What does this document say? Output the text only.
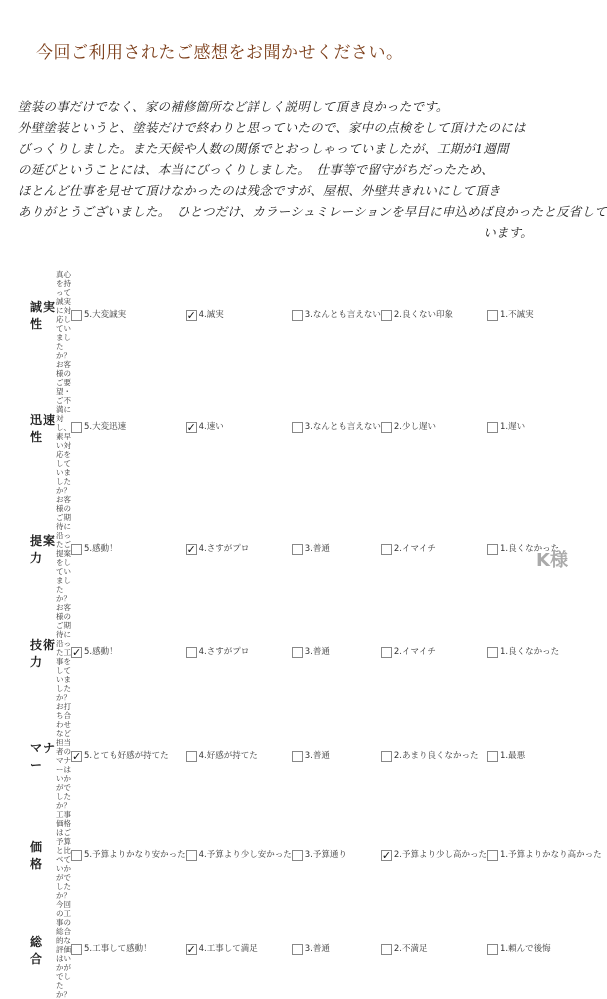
今回ご利用されたご感想をお聞かせください。
塗装の事だけでなく、家の補修箇所など詳しく説明して頂き良かったです。
外壁塗装というと、塗装だけで終わりと思っていたので、家中の点検をして頂けたのには
びっくりしました。また天候や人数の関係でとおっしゃっていましたが、工期が1週間
の延びということには、本当にびっくりしました。　仕事等で留守がちだったため、
ほとんど仕事を見せて頂けなかったのは残念ですが、屋根、外壁共きれいにして頂き
ありがとうございました。　ひとつだけ、カラーシュミレーションを早目に申込めば良かったと反省して
います。
誠実性	真心を持って誠実に対応していましたか？	5.大変誠実	✓ 4.誠実	3.なんとも言えない	2.良くない印象	1.不誠実
迅速性	お客様のご要望・ご不満に対し、素早い対応をしていましたか？	5.大変迅速	✓ 4.速い	3.なんとも言えない	2.少し遅い	1.遅い
提案力	お客様のご期待に沿ったご提案をしていましたか？	5.感動！	✓ 4.さすがプロ	3.普通	2.イマイチ	1.良くなかった
技術力	お客様のご期待に沿った工事をしていましたか？	✓ 5.感動！	4.さすがプロ	3.普通	2.イマイチ	1.良くなかった
マナー	お打ち合わせなど担当者のマナーはいかがでしたか？	✓ 5.とても好感が持てた	4.好感が持てた	3.普通	2.あまり良くなかった	1.最悪
価　格	工事価格はご予算と比べていかがでしたか？	5.予算よりかなり安かった	4.予算より少し安かった	3.予算通り	✓ 2.予算より少し高かった	1.予算よりかなり高かった
総　合	今回の工事の総合的な評価はいかがでしたか？	5.工事して感動！	✓ 4.工事して満足	3.普通	2.不満足	1.頼んで後悔
K様
